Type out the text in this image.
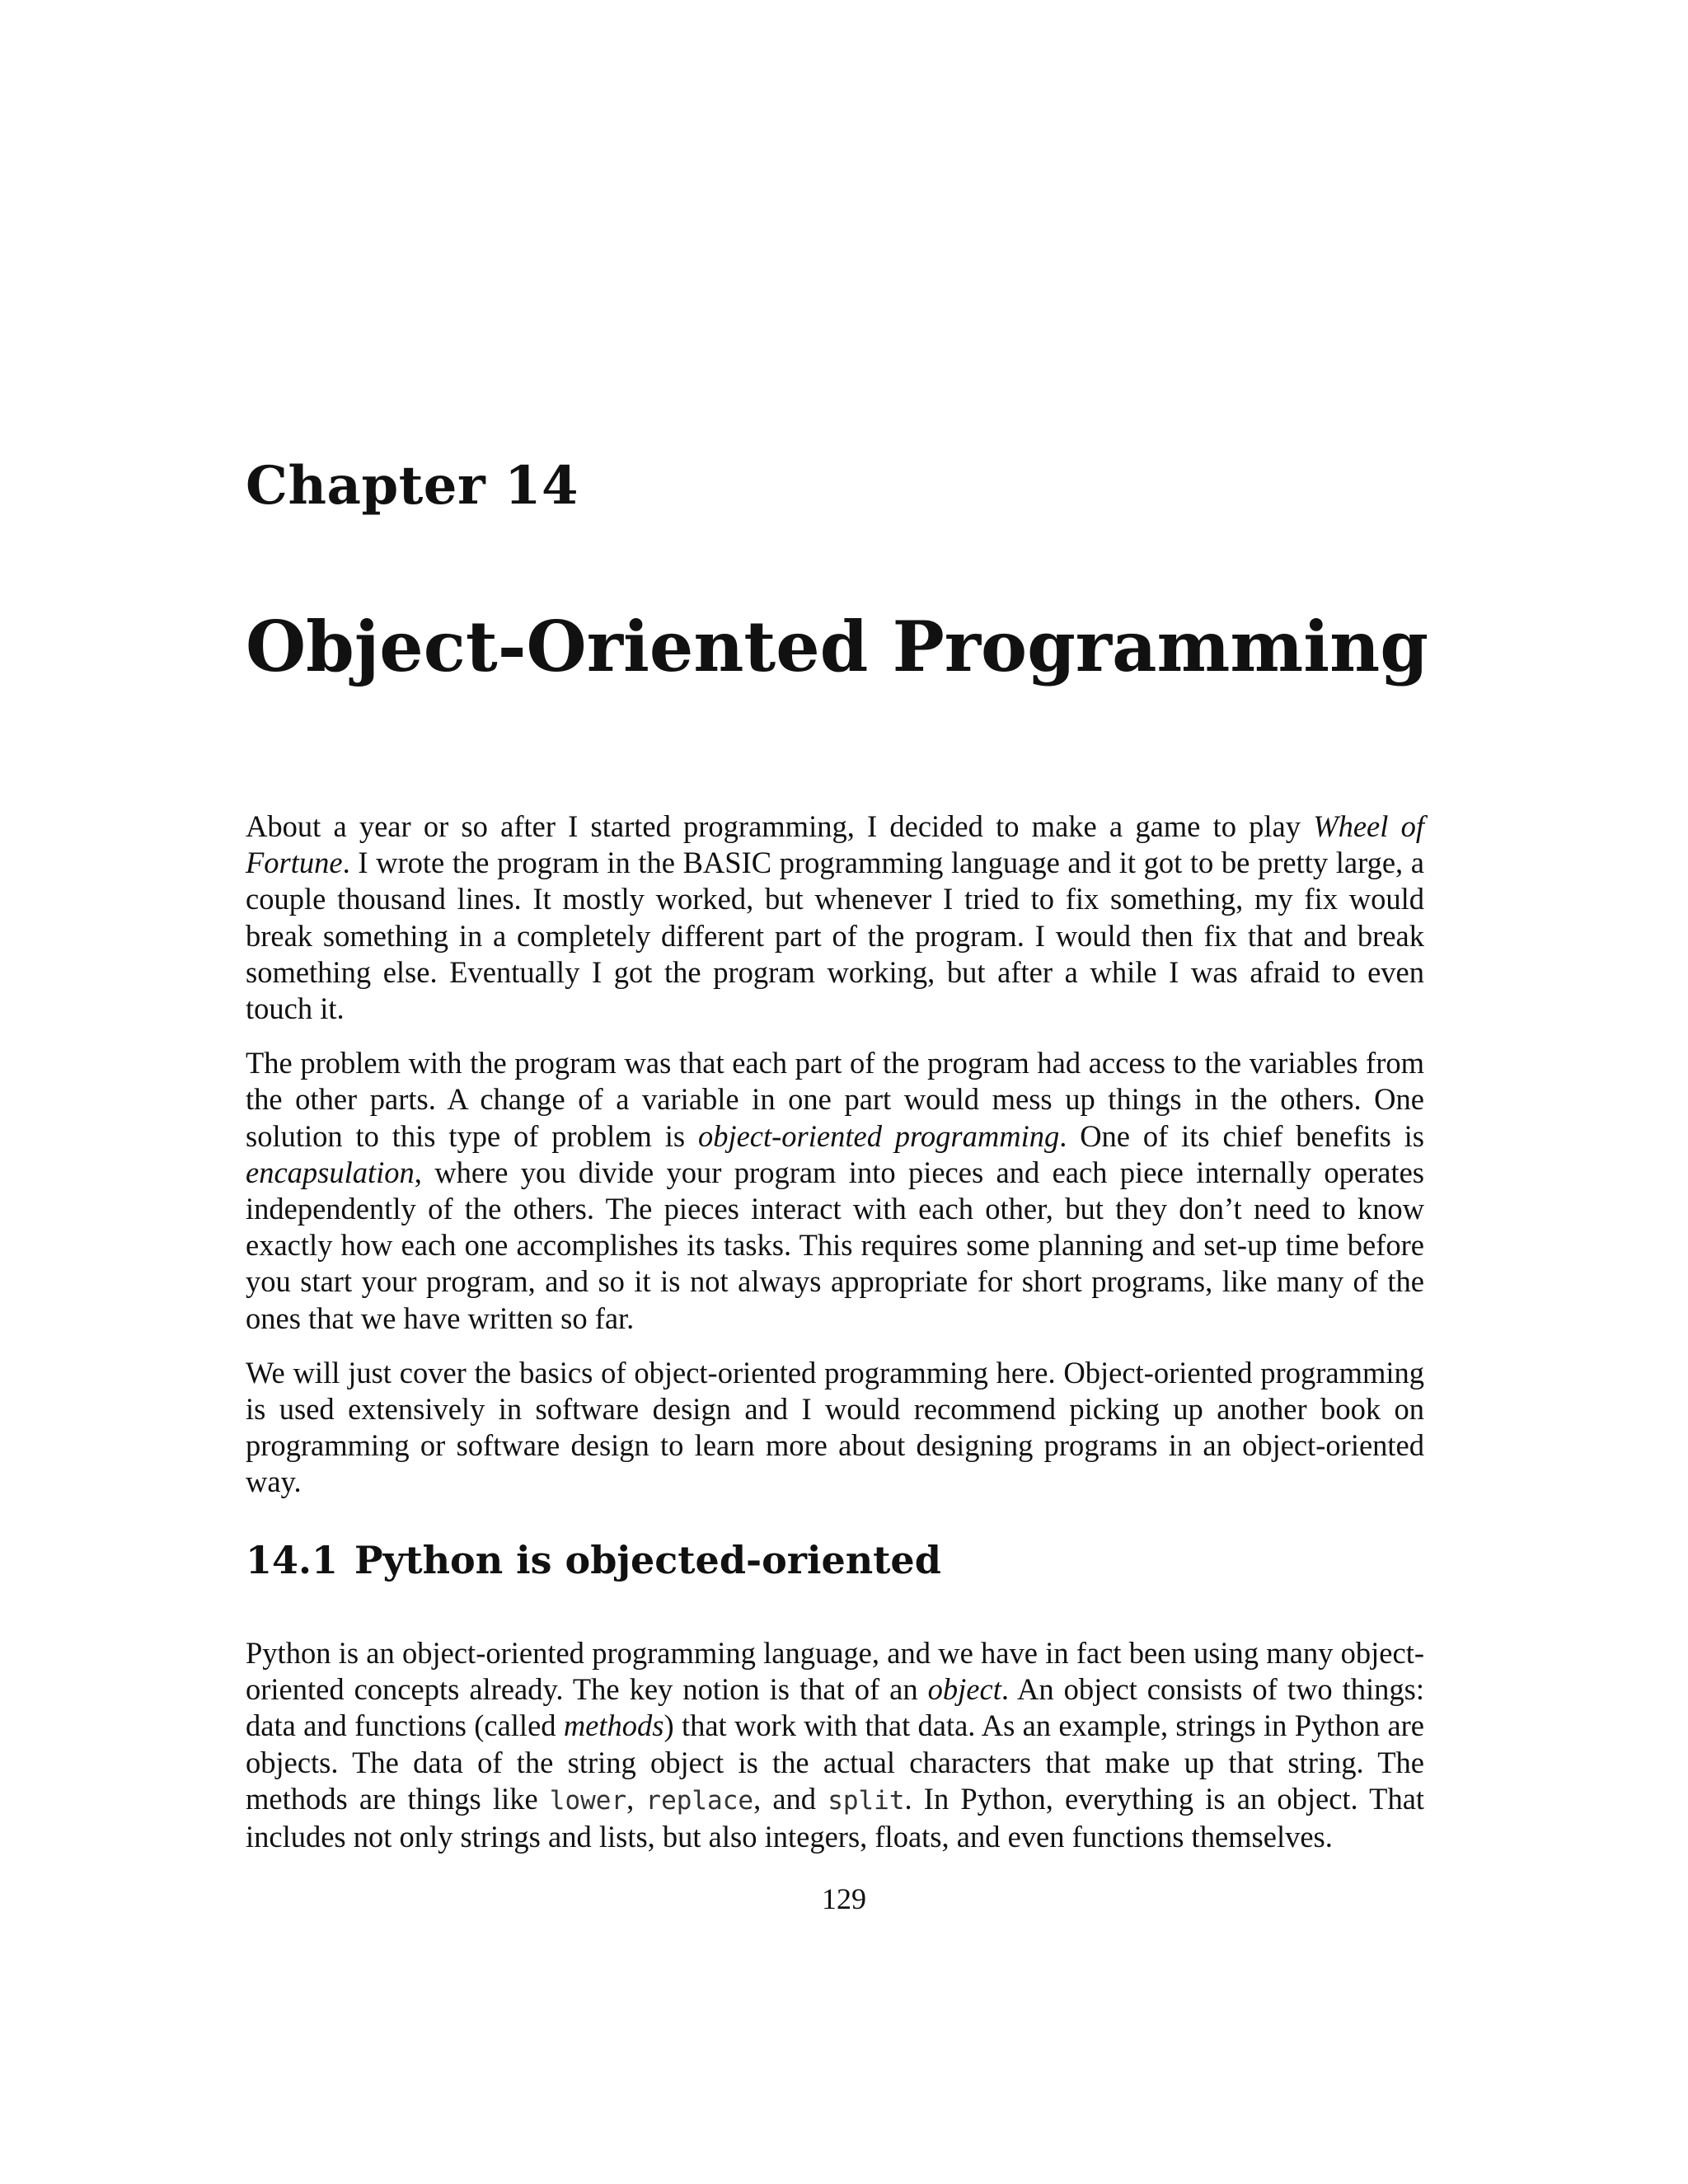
Chapter 14
Object-Oriented Programming

About a year or so after I started programming, I decided to make a game to play Wheel of Fortune. I wrote the program in the BASIC programming language and it got to be pretty large, a couple thousand lines. It mostly worked, but whenever I tried to fix something, my fix would break something in a completely different part of the program. I would then fix that and break something else. Eventually I got the program working, but after a while I was afraid to even touch it.

The problem with the program was that each part of the program had access to the variables from the other parts. A change of a variable in one part would mess up things in the others. One solution to this type of problem is object-oriented programming. One of its chief benefits is encapsulation, where you divide your program into pieces and each piece internally operates independently of the others. The pieces interact with each other, but they don’t need to know exactly how each one accomplishes its tasks. This requires some planning and set-up time before you start your program, and so it is not always appropriate for short programs, like many of the ones that we have written so far.

We will just cover the basics of object-oriented programming here. Object-oriented programming is used extensively in software design and I would recommend picking up another book on programming or software design to learn more about designing programs in an object-oriented way.

14.1 Python is objected-oriented

Python is an object-oriented programming language, and we have in fact been using many object-oriented concepts already. The key notion is that of an object. An object consists of two things: data and functions (called methods) that work with that data. As an example, strings in Python are objects. The data of the string object is the actual characters that make up that string. The methods are things like lower, replace, and split. In Python, everything is an object. That includes not only strings and lists, but also integers, floats, and even functions themselves.

129
